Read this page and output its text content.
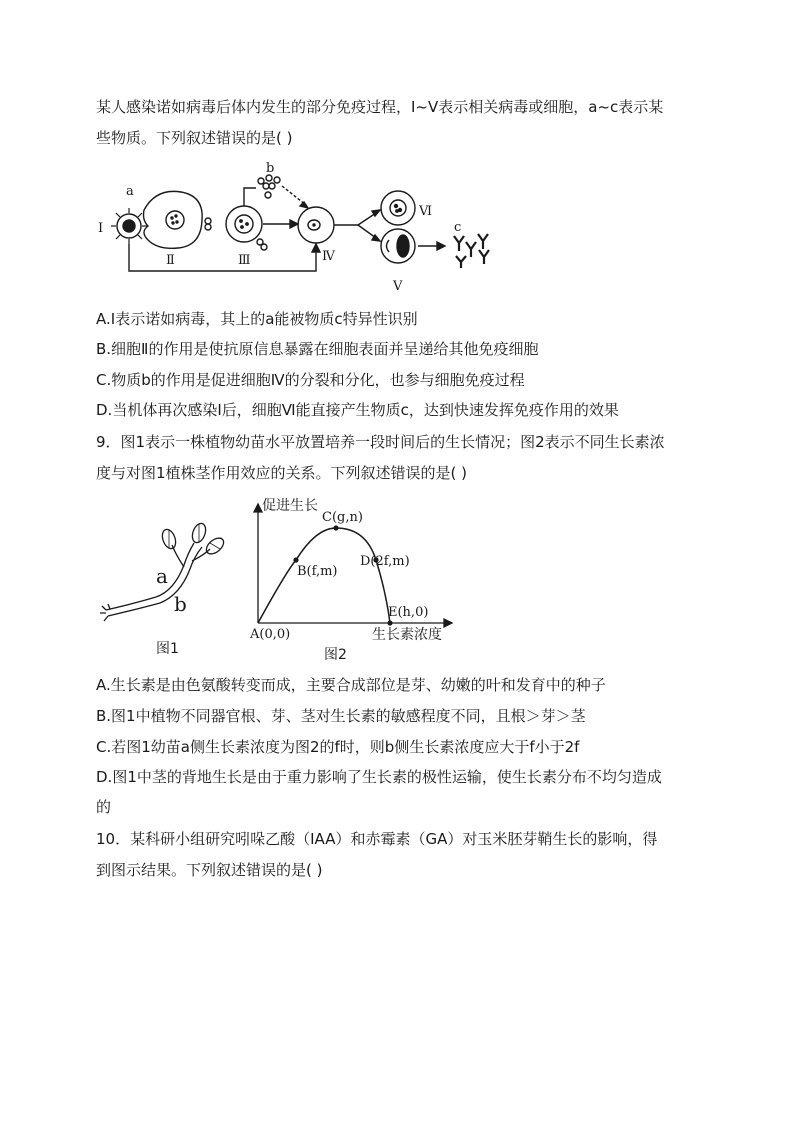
某人感染诺如病毒后体内发生的部分免疫过程，Ⅰ~Ⅴ表示相关病毒或细胞，a~c表示某
些物质。下列叙述错误的是( )
Ⅰ
a
Ⅱ	Ⅲ
b
Ⅳ
Ⅵ
c
Ⅴ
A.Ⅰ表示诺如病毒，其上的a能被物质c特异性识别
B.细胞Ⅱ的作用是使抗原信息暴露在细胞表面并呈递给其他免疫细胞
C.物质b的作用是促进细胞Ⅳ的分裂和分化，也参与细胞免疫过程
D.当机体再次感染Ⅰ后，细胞Ⅵ能直接产生物质c，达到快速发挥免疫作用的效果
9．图1表示一株植物幼苗水平放置培养一段时间后的生长情况；图2表示不同生长素浓
度与对图1植株茎作用效应的关系。下列叙述错误的是( )
a
b
图1
促进生长
生长素浓度
A(0,0)
B(f,m)
C(g,n)
D(2f,m)
E(h,0)
图2
A.生长素是由色氨酸转变而成，主要合成部位是芽、幼嫩的叶和发育中的种子
B.图1中植物不同器官根、芽、茎对生长素的敏感程度不同，且根＞芽＞茎
C.若图1幼苗a侧生长素浓度为图2的f时，则b侧生长素浓度应大于f小于2f
D.图1中茎的背地生长是由于重力影响了生长素的极性运输，使生长素分布不均匀造成
的
10．某科研小组研究吲哚乙酸（IAA）和赤霉素（GA）对玉米胚芽鞘生长的影响，得
到图示结果。下列叙述错误的是( )
